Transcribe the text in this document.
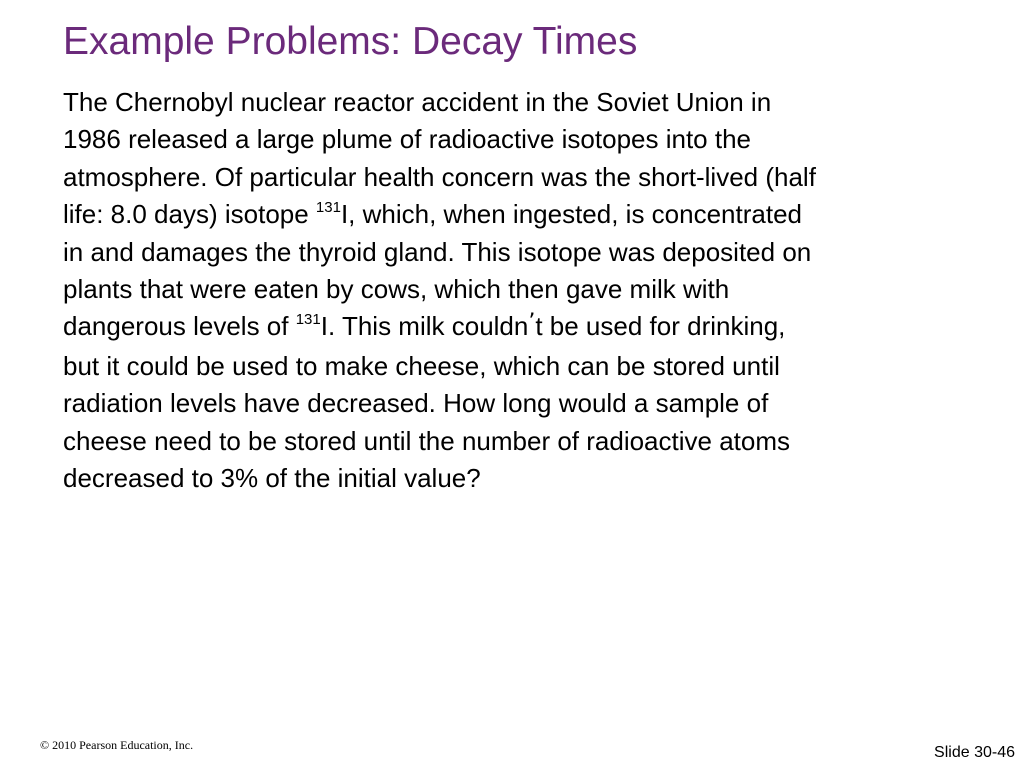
Example Problems: Decay Times
The Chernobyl nuclear reactor accident in the Soviet Union in
1986 released a large plume of radioactive isotopes into the
atmosphere. Of particular health concern was the short-lived (half
life: 8.0 days) isotope $^{131}$I, which, when ingested, is concentrated
in and damages the thyroid gland. This isotope was deposited on
plants that were eaten by cows, which then gave milk with
dangerous levels of $^{131}$I. This milk couldn’t be used for drinking,
but it could be used to make cheese, which can be stored until
radiation levels have decreased. How long would a sample of
cheese need to be stored until the number of radioactive atoms
decreased to 3% of the initial value?

© 2010 Pearson Education, Inc.	Slide 30-46
